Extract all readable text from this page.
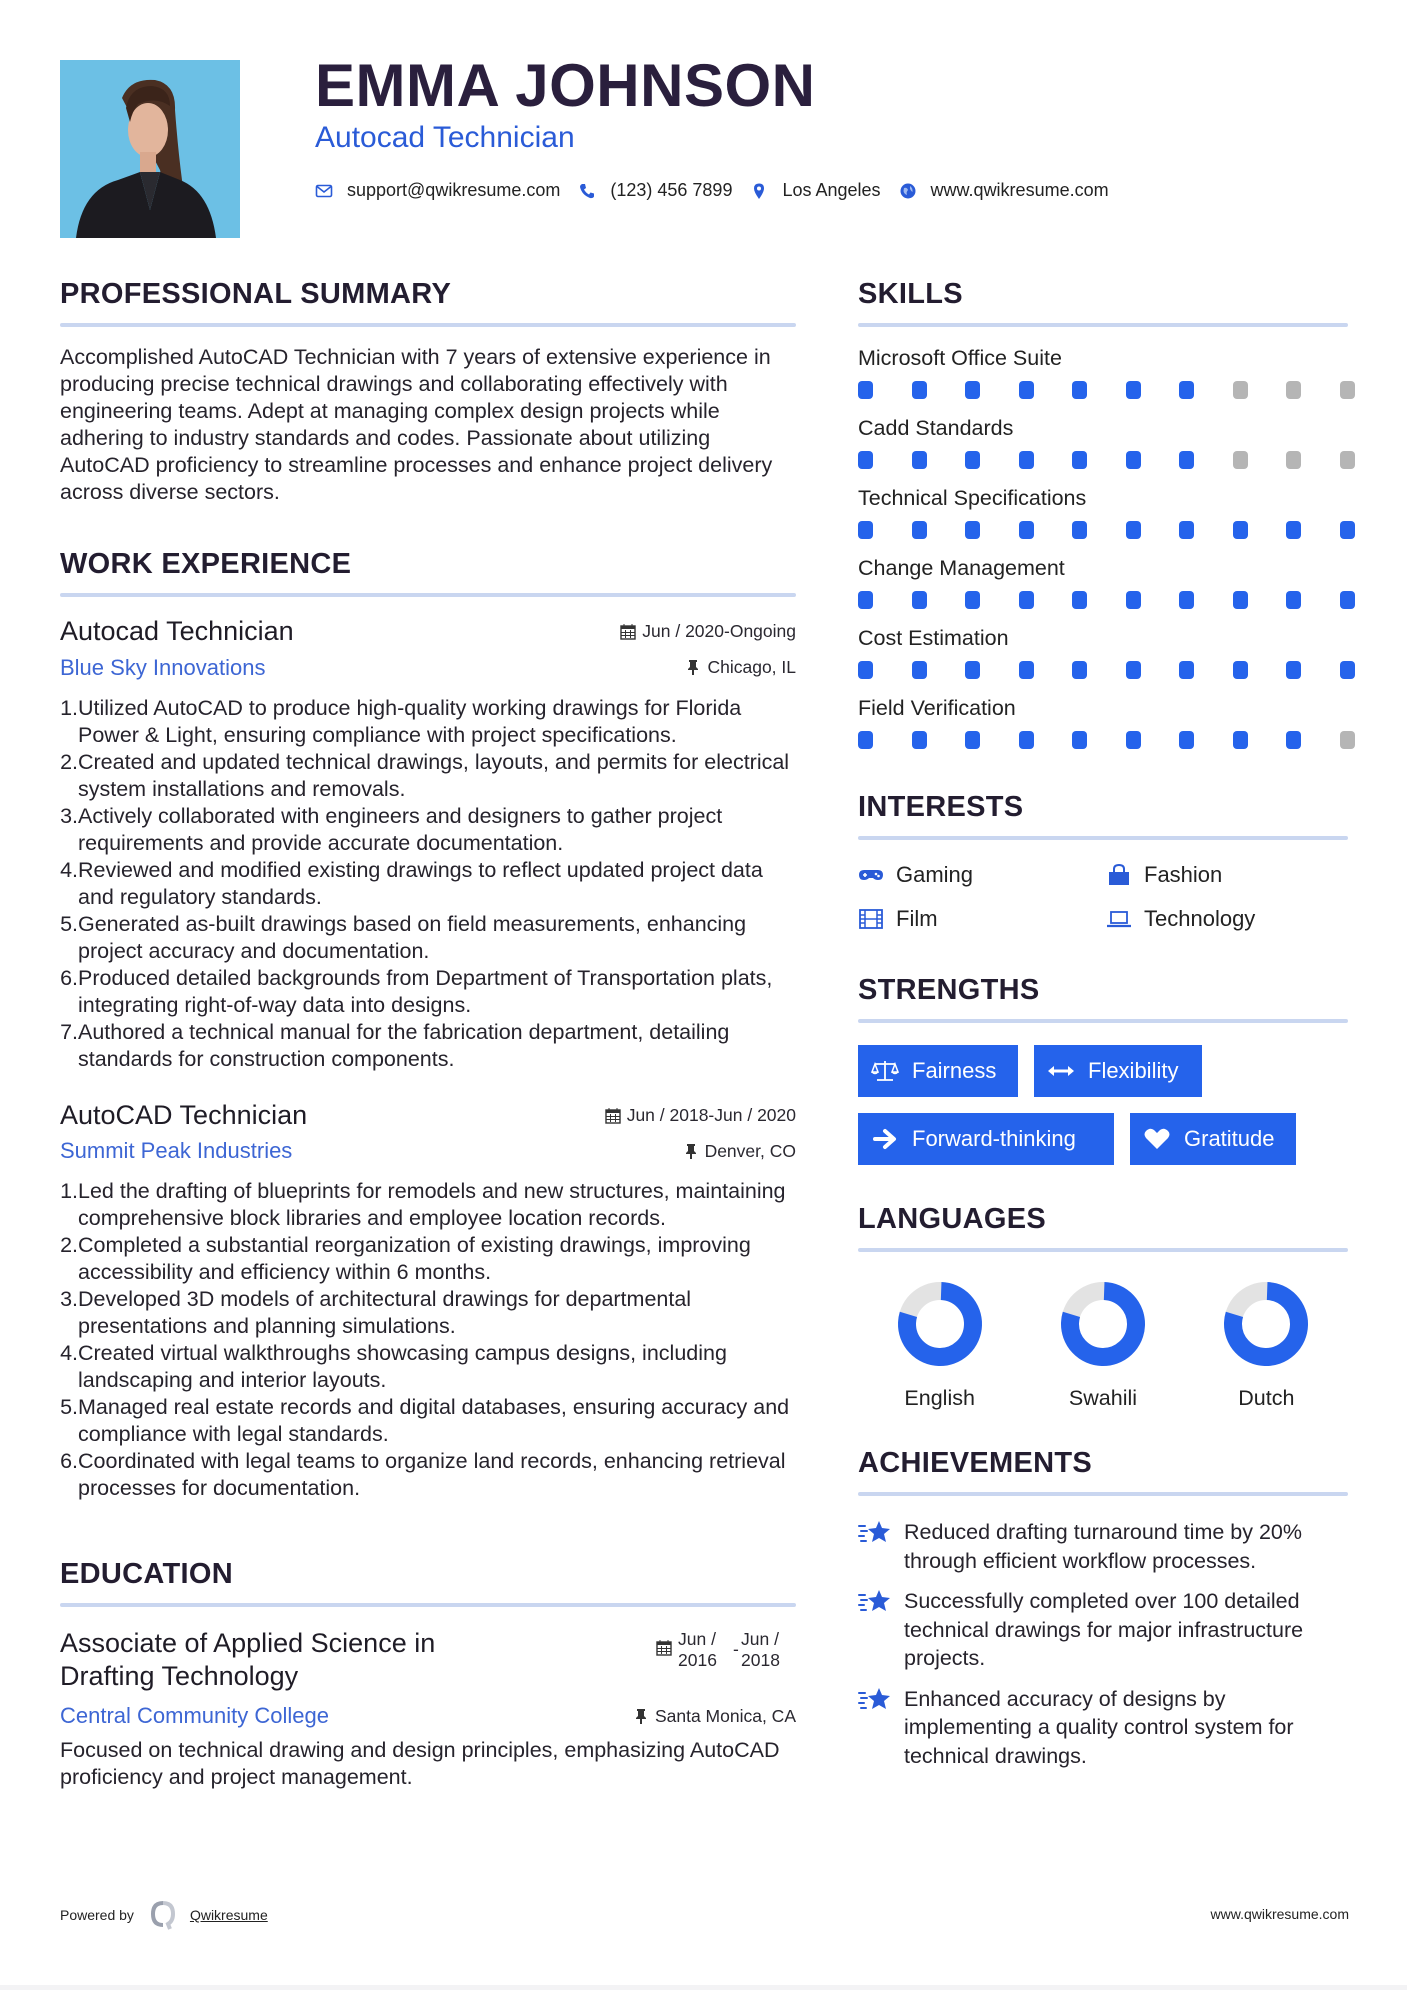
EMMA JOHNSON
Autocad Technician
support@qwikresume.com	(123) 456 7899	Los Angeles	www.qwikresume.com
PROFESSIONAL SUMMARY

Accomplished AutoCAD Technician with 7 years of extensive experience in producing precise technical drawings and collaborating effectively with engineering teams. Adept at managing complex design projects while adhering to industry standards and codes. Passionate about utilizing AutoCAD proficiency to streamline processes and enhance project delivery across diverse sectors.

WORK EXPERIENCE
Autocad Technician	Jun / 2020-Ongoing
Blue Sky Innovations	Chicago, IL
1. Utilized AutoCAD to produce high-quality working drawings for Florida Power & Light, ensuring compliance with project specifications.
2. Created and updated technical drawings, layouts, and permits for electrical system installations and removals.
3. Actively collaborated with engineers and designers to gather project requirements and provide accurate documentation.
4. Reviewed and modified existing drawings to reflect updated project data and regulatory standards.
5. Generated as-built drawings based on field measurements, enhancing project accuracy and documentation.
6. Produced detailed backgrounds from Department of Transportation plats, integrating right-of-way data into designs.
7. Authored a technical manual for the fabrication department, detailing standards for construction components.
AutoCAD Technician	Jun / 2018-Jun / 2020
Summit Peak Industries	Denver, CO
1. Led the drafting of blueprints for remodels and new structures, maintaining comprehensive block libraries and employee location records.
2. Completed a substantial reorganization of existing drawings, improving accessibility and efficiency within 6 months.
3. Developed 3D models of architectural drawings for departmental presentations and planning simulations.
4. Created virtual walkthroughs showcasing campus designs, including landscaping and interior layouts.
5. Managed real estate records and digital databases, ensuring accuracy and compliance with legal standards.
6. Coordinated with legal teams to organize land records, enhancing retrieval processes for documentation.
EDUCATION
Associate of Applied Science in Drafting Technology
Jun / 2016
- Jun / 2018
Central Community College	Santa Monica, CA

Focused on technical drawing and design principles, emphasizing AutoCAD proficiency and project management.

SKILLS
Microsoft Office Suite
Cadd Standards
Technical Specifications
Change Management
Cost Estimation
Field Verification
INTERESTS
Gaming	Fashion
Film	Technology
STRENGTHS
Fairness	Flexibility
Forward-thinking	Gratitude
LANGUAGES
English	Swahili	Dutch
ACHIEVEMENTS
Reduced drafting turnaround time by 20% through efficient workflow processes.
Successfully completed over 100 detailed technical drawings for major infrastructure projects.
Enhanced accuracy of designs by implementing a quality control system for technical drawings.
Powered by	Qwikresume	www.qwikresume.com
